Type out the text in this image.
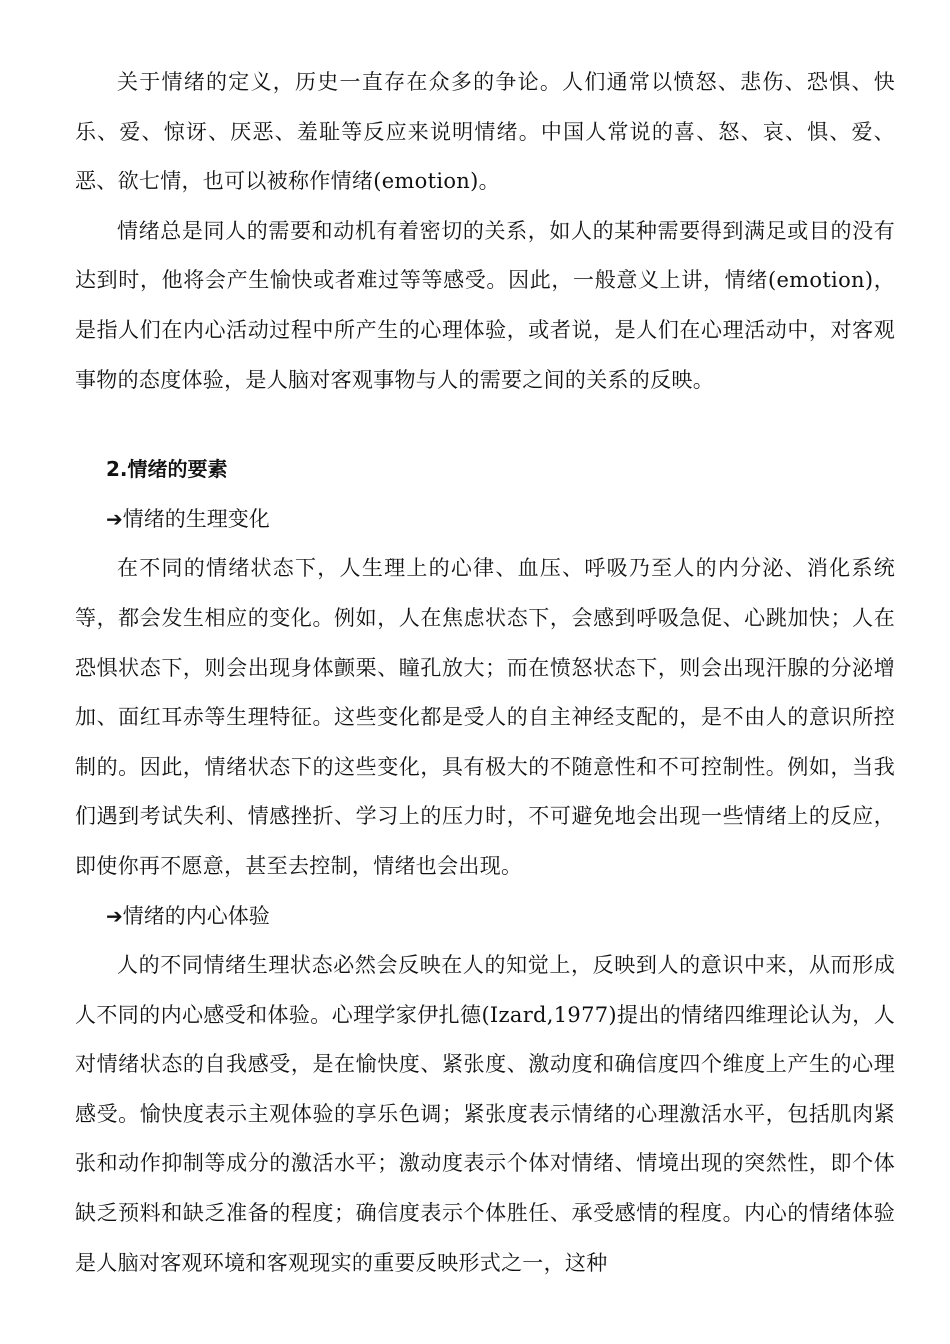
关于情绪的定义，历史一直存在众多的争论。人们通常以愤怒、悲伤、恐惧、快乐、爱、惊讶、厌恶、羞耻等反应来说明情绪。中国人常说的喜、怒、哀、惧、爱、恶、欲七情，也可以被称作情绪(emotion)。

情绪总是同人的需要和动机有着密切的关系，如人的某种需要得到满足或目的没有达到时，他将会产生愉快或者难过等等感受。因此，一般意义上讲，情绪(emotion)，是指人们在内心活动过程中所产生的心理体验，或者说，是人们在心理活动中，对客观事物的态度体验，是人脑对客观事物与人的需要之间的关系的反映。

2.情绪的要素
➔情绪的生理变化

在不同的情绪状态下，人生理上的心律、血压、呼吸乃至人的内分泌、消化系统等，都会发生相应的变化。例如，人在焦虑状态下，会感到呼吸急促、心跳加快；人在恐惧状态下，则会出现身体颤栗、瞳孔放大；而在愤怒状态下，则会出现汗腺的分泌增加、面红耳赤等生理特征。这些变化都是受人的自主神经支配的，是不由人的意识所控制的。因此，情绪状态下的这些变化，具有极大的不随意性和不可控制性。例如，当我们遇到考试失利、情感挫折、学习上的压力时，不可避免地会出现一些情绪上的反应，即使你再不愿意，甚至去控制，情绪也会出现。

➔情绪的内心体验

人的不同情绪生理状态必然会反映在人的知觉上，反映到人的意识中来，从而形成人不同的内心感受和体验。心理学家伊扎德(Izard,1977)提出的情绪四维理论认为，人对情绪状态的自我感受，是在愉快度、紧张度、激动度和确信度四个维度上产生的心理感受。愉快度表示主观体验的享乐色调；紧张度表示情绪的心理激活水平，包括肌肉紧张和动作抑制等成分的激活水平；激动度表示个体对情绪、情境出现的突然性，即个体缺乏预料和缺乏准备的程度；确信度表示个体胜任、承受感情的程度。内心的情绪体验是人脑对客观环境和客观现实的重要反映形式之一，这种
